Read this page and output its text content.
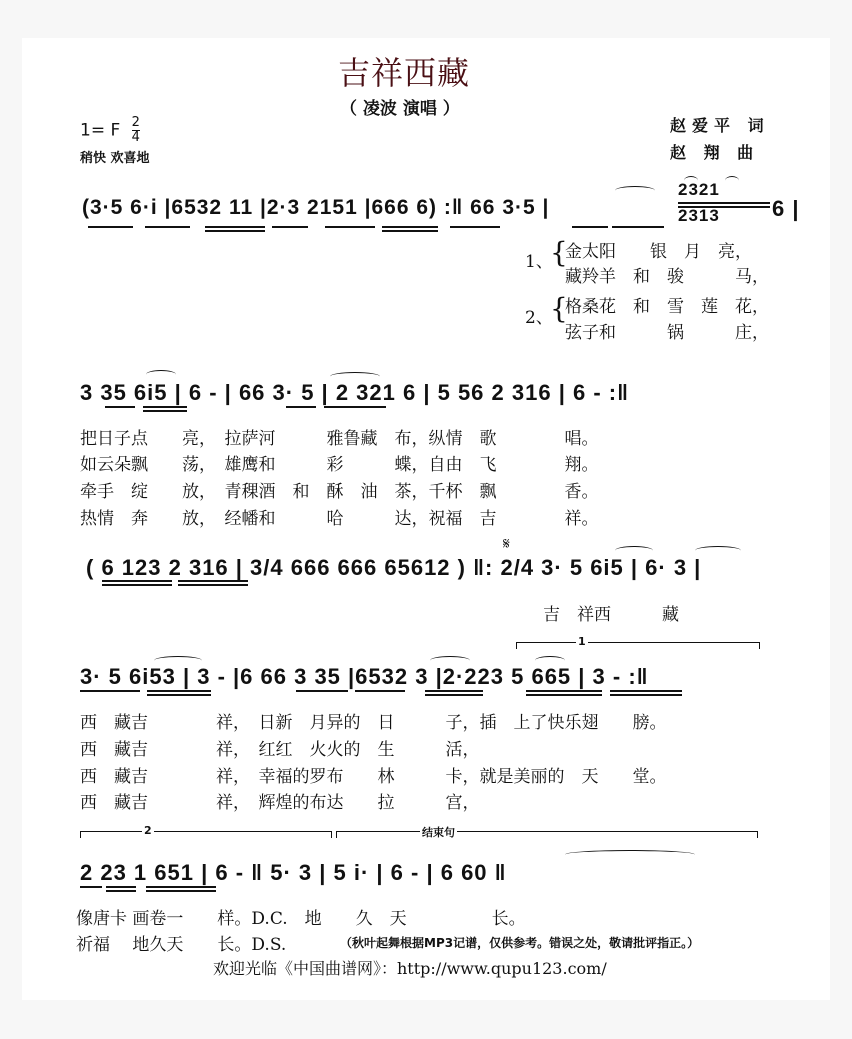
吉祥西藏
（ 凌波 演唱 ）
1= F $\frac{2}{4}$
稍快 欢喜地
赵爱平 词
赵 翔 曲
(3·5 6·i |6532 11 |2·3 2151 |666 6) :‖ 66 3·5 |
2321
2313 6 |
1、
{
金太阳　　银　月　亮，
藏羚羊　和　骏　　　马，
2、
{
格桑花　和　雪　莲　花，
弦子和　　　锅　　　庄，
3 35 6i5 | 6 - | 66 3· 5 | 2 321 6 | 5 56 2 316 | 6 - :‖
把日子点　　亮，　拉萨河　　　雅鲁藏　布，纵情　歌　　　　唱。
如云朵飘　　荡，　雄鹰和　　　彩　　　蝶，自由　飞　　　　翔。
牵手　绽　　放，　青稞酒　和　酥　油　茶，千杯　飘　　　　香。
热情　奔　　放，　经幡和　　　哈　　　达，祝福　吉　　　　祥。
𝄋
( 6 123 2 316 | 3/4 666 666 65612 ) ‖: 2/4 3· 5 6i5 | 6· 3 |
吉　祥西　　　藏
1
3· 5 6i53 | 3 - |6 66 3 35 |6532 3 |2·223 5 665 | 3 - :‖
西　藏吉　　　　祥，　日新　月异的　日　　　子，插　上了快乐翅　　膀。
西　藏吉　　　　祥，　红红　火火的　生　　　活，
西　藏吉　　　　祥，　幸福的罗布　　林　　　卡，就是美丽的　天　　堂。
西　藏吉　　　　祥，　辉煌的布达　　拉　　　宫，
2	结束句
2 23 1 651 | 6 - ‖ 5· 3 | 5 i· | 6 - | 6 60 ‖
像唐卡 画卷一　　样。D.C.　地　　久　天　　　　　长。
祈福　 地久天　　长。D.S.	（秋叶起舞根据MP3记谱，仅供参考。错误之处，敬请批评指正。）
欢迎光临《中国曲谱网》：http://www.qupu123.com/
